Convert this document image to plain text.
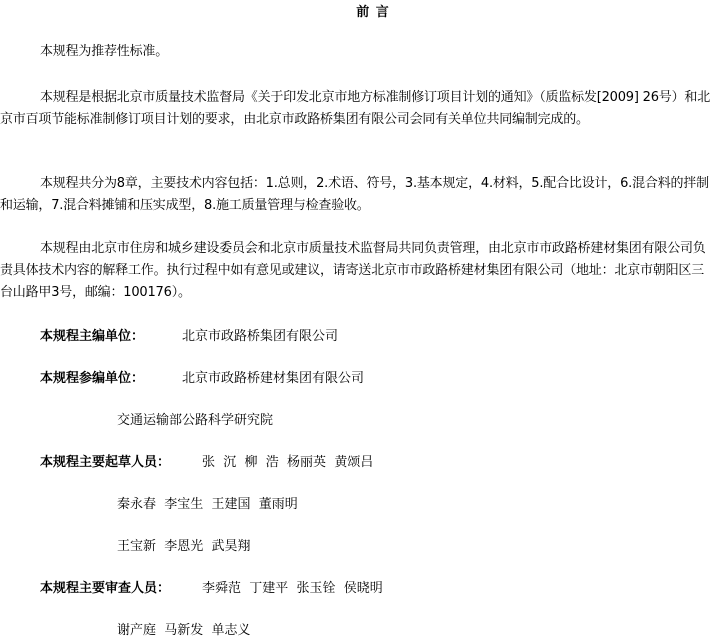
前 言
本规程为推荐性标准。
本规程是根据北京市质量技术监督局《关于印发北京市地方标准制修订项目计划的通知》（质监标发[2009] 26号）和北京市百项节能标准制修订项目计划的要求，由北京市政路桥集团有限公司会同有关单位共同编制完成的。
本规程共分为8章，主要技术内容包括：1.总则，2.术语、符号，3.基本规定，4.材料，5.配合比设计，6.混合料的拌制和运输，7.混合料摊铺和压实成型，8.施工质量管理与检查验收。
本规程由北京市住房和城乡建设委员会和北京市质量技术监督局共同负责管理，由北京市市政路桥建材集团有限公司负责具体技术内容的解释工作。执行过程中如有意见或建议，请寄送北京市市政路桥建材集团有限公司（地址：北京市朝阳区三台山路甲3号，邮编：100176）。
本规程主编单位：	北京市政路桥集团有限公司
本规程参编单位：	北京市政路桥建材集团有限公司
交通运输部公路科学研究院
本规程主要起草人员： 张  沉  柳  浩  杨丽英  黄颂吕
秦永春  李宝生  王建国  董雨明
王宝新  李恩光  武昊翔
本规程主要审查人员： 李舜范  丁建平  张玉铨  侯晓明
谢产庭  马新发  单志义
